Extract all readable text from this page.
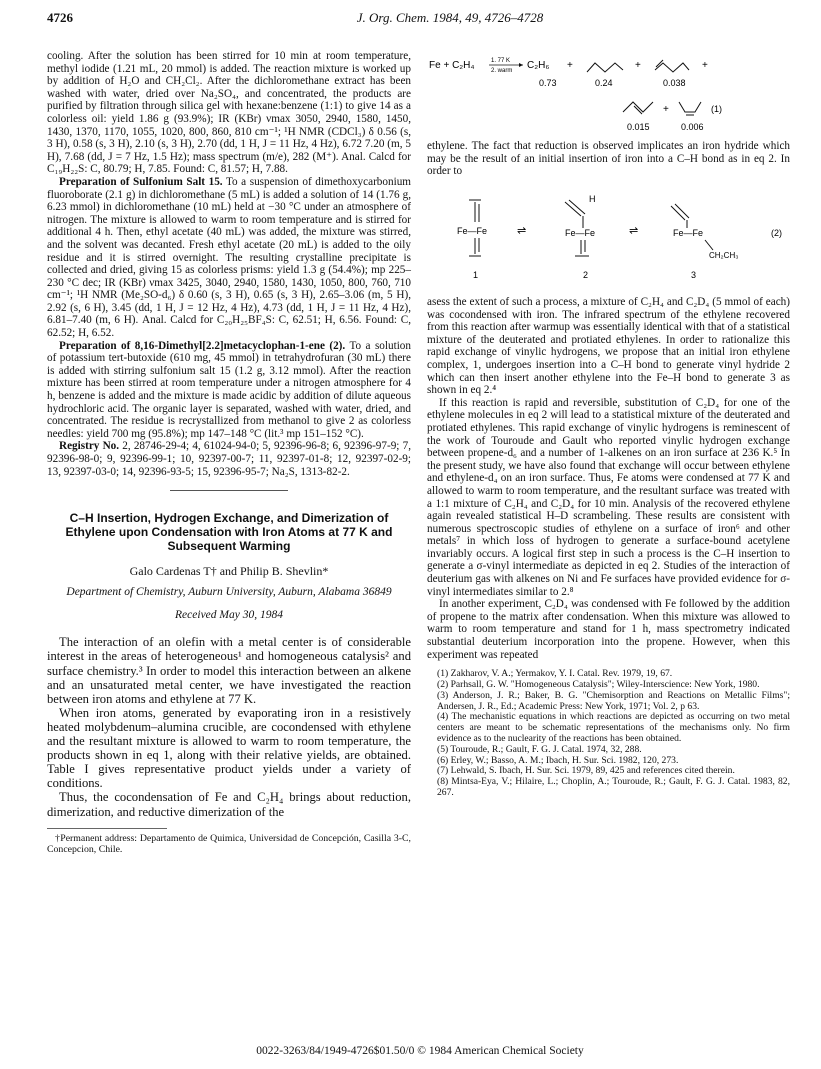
4726	J. Org. Chem. 1984, 49, 4726–4728

cooling. After the solution has been stirred for 10 min at room temperature, methyl iodide (1.21 mL, 20 mmol) is added. The reaction mixture is worked up by addition of H₂O and CH₂Cl₂. After the dichloromethane extract has been washed with water, dried over Na₂SO₄, and concentrated, the products are purified by filtration through silica gel with hexane:benzene (1:1) to give 14 as a colorless oil: yield 1.86 g (93.9%); IR (KBr) νmax 3050, 2940, 1580, 1450, 1430, 1370, 1170, 1055, 1020, 800, 860, 810 cm⁻¹; ¹H NMR (CDCl₃) δ 0.56 (s, 3 H), 0.58 (s, 3 H), 2.10 (s, 3 H), 2.70 (dd, 1 H, J = 11 Hz, 4 Hz), 6.72 7.20 (m, 5 H), 7.68 (dd, J = 7 Hz, 1.5 Hz); mass spectrum (m/e), 282 (M⁺). Anal. Calcd for C₁₉H₂₂S: C, 80.79; H, 7.85. Found: C, 81.57; H, 7.88.

Preparation of Sulfonium Salt 15. To a suspension of dimethoxycarbonium fluoroborate (2.1 g) in dichloromethane (5 mL) is added a solution of 14 (1.76 g, 6.23 mmol) in dichloromethane (10 mL) held at −30 °C under an atmosphere of nitrogen. The mixture is allowed to warm to room temperature and is stirred for additional 4 h. Then, ethyl acetate (40 mL) was added, the mixture was stirred, and the solvent was decanted. Fresh ethyl acetate (20 mL) is added to the oily residue and it is stirred overnight. The resulting crystalline precipitate is collected and dried, giving 15 as colorless prisms: yield 1.3 g (54.4%); mp 225–230 °C dec; IR (KBr) νmax 3425, 3040, 2940, 1580, 1430, 1050, 800, 760, 710 cm⁻¹; ¹H NMR (Me₂SO-d₆) δ 0.60 (s, 3 H), 0.65 (s, 3 H), 2.65–3.06 (m, 5 H), 2.92 (s, 6 H), 3.45 (dd, 1 H, J = 12 Hz, 4 Hz), 4.73 (dd, 1 H, J = 11 Hz, 4 Hz), 6.81–7.40 (m, 6 H). Anal. Calcd for C₂₀H₂₅BF₄S: C, 62.51; H, 6.56. Found: C, 62.52; H, 6.52.

Preparation of 8,16-Dimethyl[2.2]metacyclophan-1-ene (2). To a solution of potassium tert-butoxide (610 mg, 45 mmol) in tetrahydrofuran (30 mL) there is added with stirring sulfonium salt 15 (1.2 g, 3.12 mmol). After the reaction mixture has been stirred at room temperature under a nitrogen atmosphere for 4 h, benzene is added and the mixture is made acidic by addition of dilute aqueous hydrochloric acid. The organic layer is separated, washed with water, dried, and concentrated. The residue is recrystallized from methanol to give 2 as colorless needles: yield 700 mg (95.8%); mp 147–148 °C (lit.³ mp 151–152 °C).

Registry No. 2, 28746-29-4; 4, 61024-94-0; 5, 92396-96-8; 6, 92396-97-9; 7, 92396-98-0; 9, 92396-99-1; 10, 92397-00-7; 11, 92397-01-8; 12, 92397-02-9; 13, 92397-03-0; 14, 92396-93-5; 15, 92396-95-7; Na₂S, 1313-82-2.

C–H Insertion, Hydrogen Exchange, and Dimerization of Ethylene upon Condensation with Iron Atoms at 77 K and Subsequent Warming
Galo Cardenas T† and Philip B. Shevlin*
Department of Chemistry, Auburn University, Auburn, Alabama 36849
Received May 30, 1984

The interaction of an olefin with a metal center is of considerable interest in the areas of heterogeneous¹ and homogeneous catalysis² and surface chemistry.³ In order to model this interaction between an alkene and an unsaturated metal center, we have investigated the reaction between iron atoms and ethylene at 77 K.

When iron atoms, generated by evaporating iron in a resistively heated molybdenum–alumina crucible, are cocondensed with ethylene and the resultant mixture is allowed to warm to room temperature, the products shown in eq 1, along with their relative yields, are obtained. Table I gives representative product yields under a variety of conditions.

Thus, the cocondensation of Fe and C₂H₄ brings about reduction, dimerization, and reductive dimerization of the

†Permanent address: Departamento de Quimica, Universidad de Concepción, Casilla 3-C, Concepcion, Chile.
Fe + C₂H₄	1. 77 K
2. warm C₂H₆ +	+	+
0.73	0.24	0.038
+	(1)
0.015	0.006

ethylene. The fact that reduction is observed implicates an iron hydride which may be the result of an initial insertion of iron into a C–H bond as in eq 2. In order to

Fe—Fe
1
⇌
H
Fe—Fe
2
⇌	Fe—Fe
CH₂CH₃
3
(2)

asess the extent of such a process, a mixture of C₂H₄ and C₂D₄ (5 mmol of each) was cocondensed with iron. The infrared spectrum of the ethylene recovered from this reaction after warmup was essentially identical with that of a statistical mixture of the deuterated and protiated ethylenes. In order to rationalize this rapid exchange of vinylic hydrogens, we propose that an initial iron ethylene complex, 1, undergoes insertion into a C–H bond to generate vinyl hydride 2 which can then insert another ethylene into the Fe–H bond to generate 3 as shown in eq 2.⁴

If this reaction is rapid and reversible, substitution of C₂D₄ for one of the ethylene molecules in eq 2 will lead to a statistical mixture of the deuterated and protiated ethylenes. This rapid exchange of vinylic hydrogens is reminescent of the work of Touroude and Gault who reported vinylic hydrogen exchange between propene-d₆ and a number of 1-alkenes on an iron surface at 236 K.⁵ In the present study, we have also found that exchange will occur between ethylene and ethylene-d₄ on an iron surface. Thus, Fe atoms were condensed at 77 K and allowed to warm to room temperature, and the resultant surface was treated with a 1:1 mixture of C₂H₄ and C₂D₄ for 10 min. Analysis of the recovered ethylene again revealed statistical H–D scrambeling. These results are consistent with numerous spectroscopic studies of ethylene on a surface of iron⁶ and other metals⁷ in which loss of hydrogen to generate a surface-bound acetylene invariably occurs. A logical first step in such a process is the C–H insertion to generate a σ-vinyl intermediate as depicted in eq 2. Studies of the interaction of deuterium gas with alkenes on Ni and Fe surfaces have provided evidence for σ-vinyl intermediates similar to 2.⁸

In another experiment, C₂D₄ was condensed with Fe followed by the addition of propene to the matrix after condensation. When this mixture was allowed to warm to room temperature and stand for 1 h, mass spectrometry indicated substantial deuterium incorporation into the propene. However, when this experiment was repeated

(1) Zakharov, V. A.; Yermakov, Y. I. Catal. Rev. 1979, 19, 67.
(2) Parhsall, G. W. "Homogeneous Catalysis"; Wiley-Interscience: New York, 1980.
(3) Anderson, J. R.; Baker, B. G. "Chemisorption and Reactions on Metallic Films"; Andersen, J. R., Ed.; Academic Press: New York, 1971; Vol. 2, p 63.
(4) The mechanistic equations in which reactions are depicted as occurring on two metal centers are meant to be schematic representations of the mechanisms only. No firm evidence as to the nuclearity of the reactions has been obtained.
(5) Touroude, R.; Gault, F. G. J. Catal. 1974, 32, 288.
(6) Erley, W.; Basso, A. M.; Ibach, H. Sur. Sci. 1982, 120, 273.
(7) Lehwald, S. Ibach, H. Sur. Sci. 1979, 89, 425 and references cited therein.
(8) Mintsa-Eya, V.; Hilaire, L.; Choplin, A.; Touroude, R.; Gault, F. G. J. Catal. 1983, 82, 267.
0022-3263/84/1949-4726$01.50/0 © 1984 American Chemical Society
